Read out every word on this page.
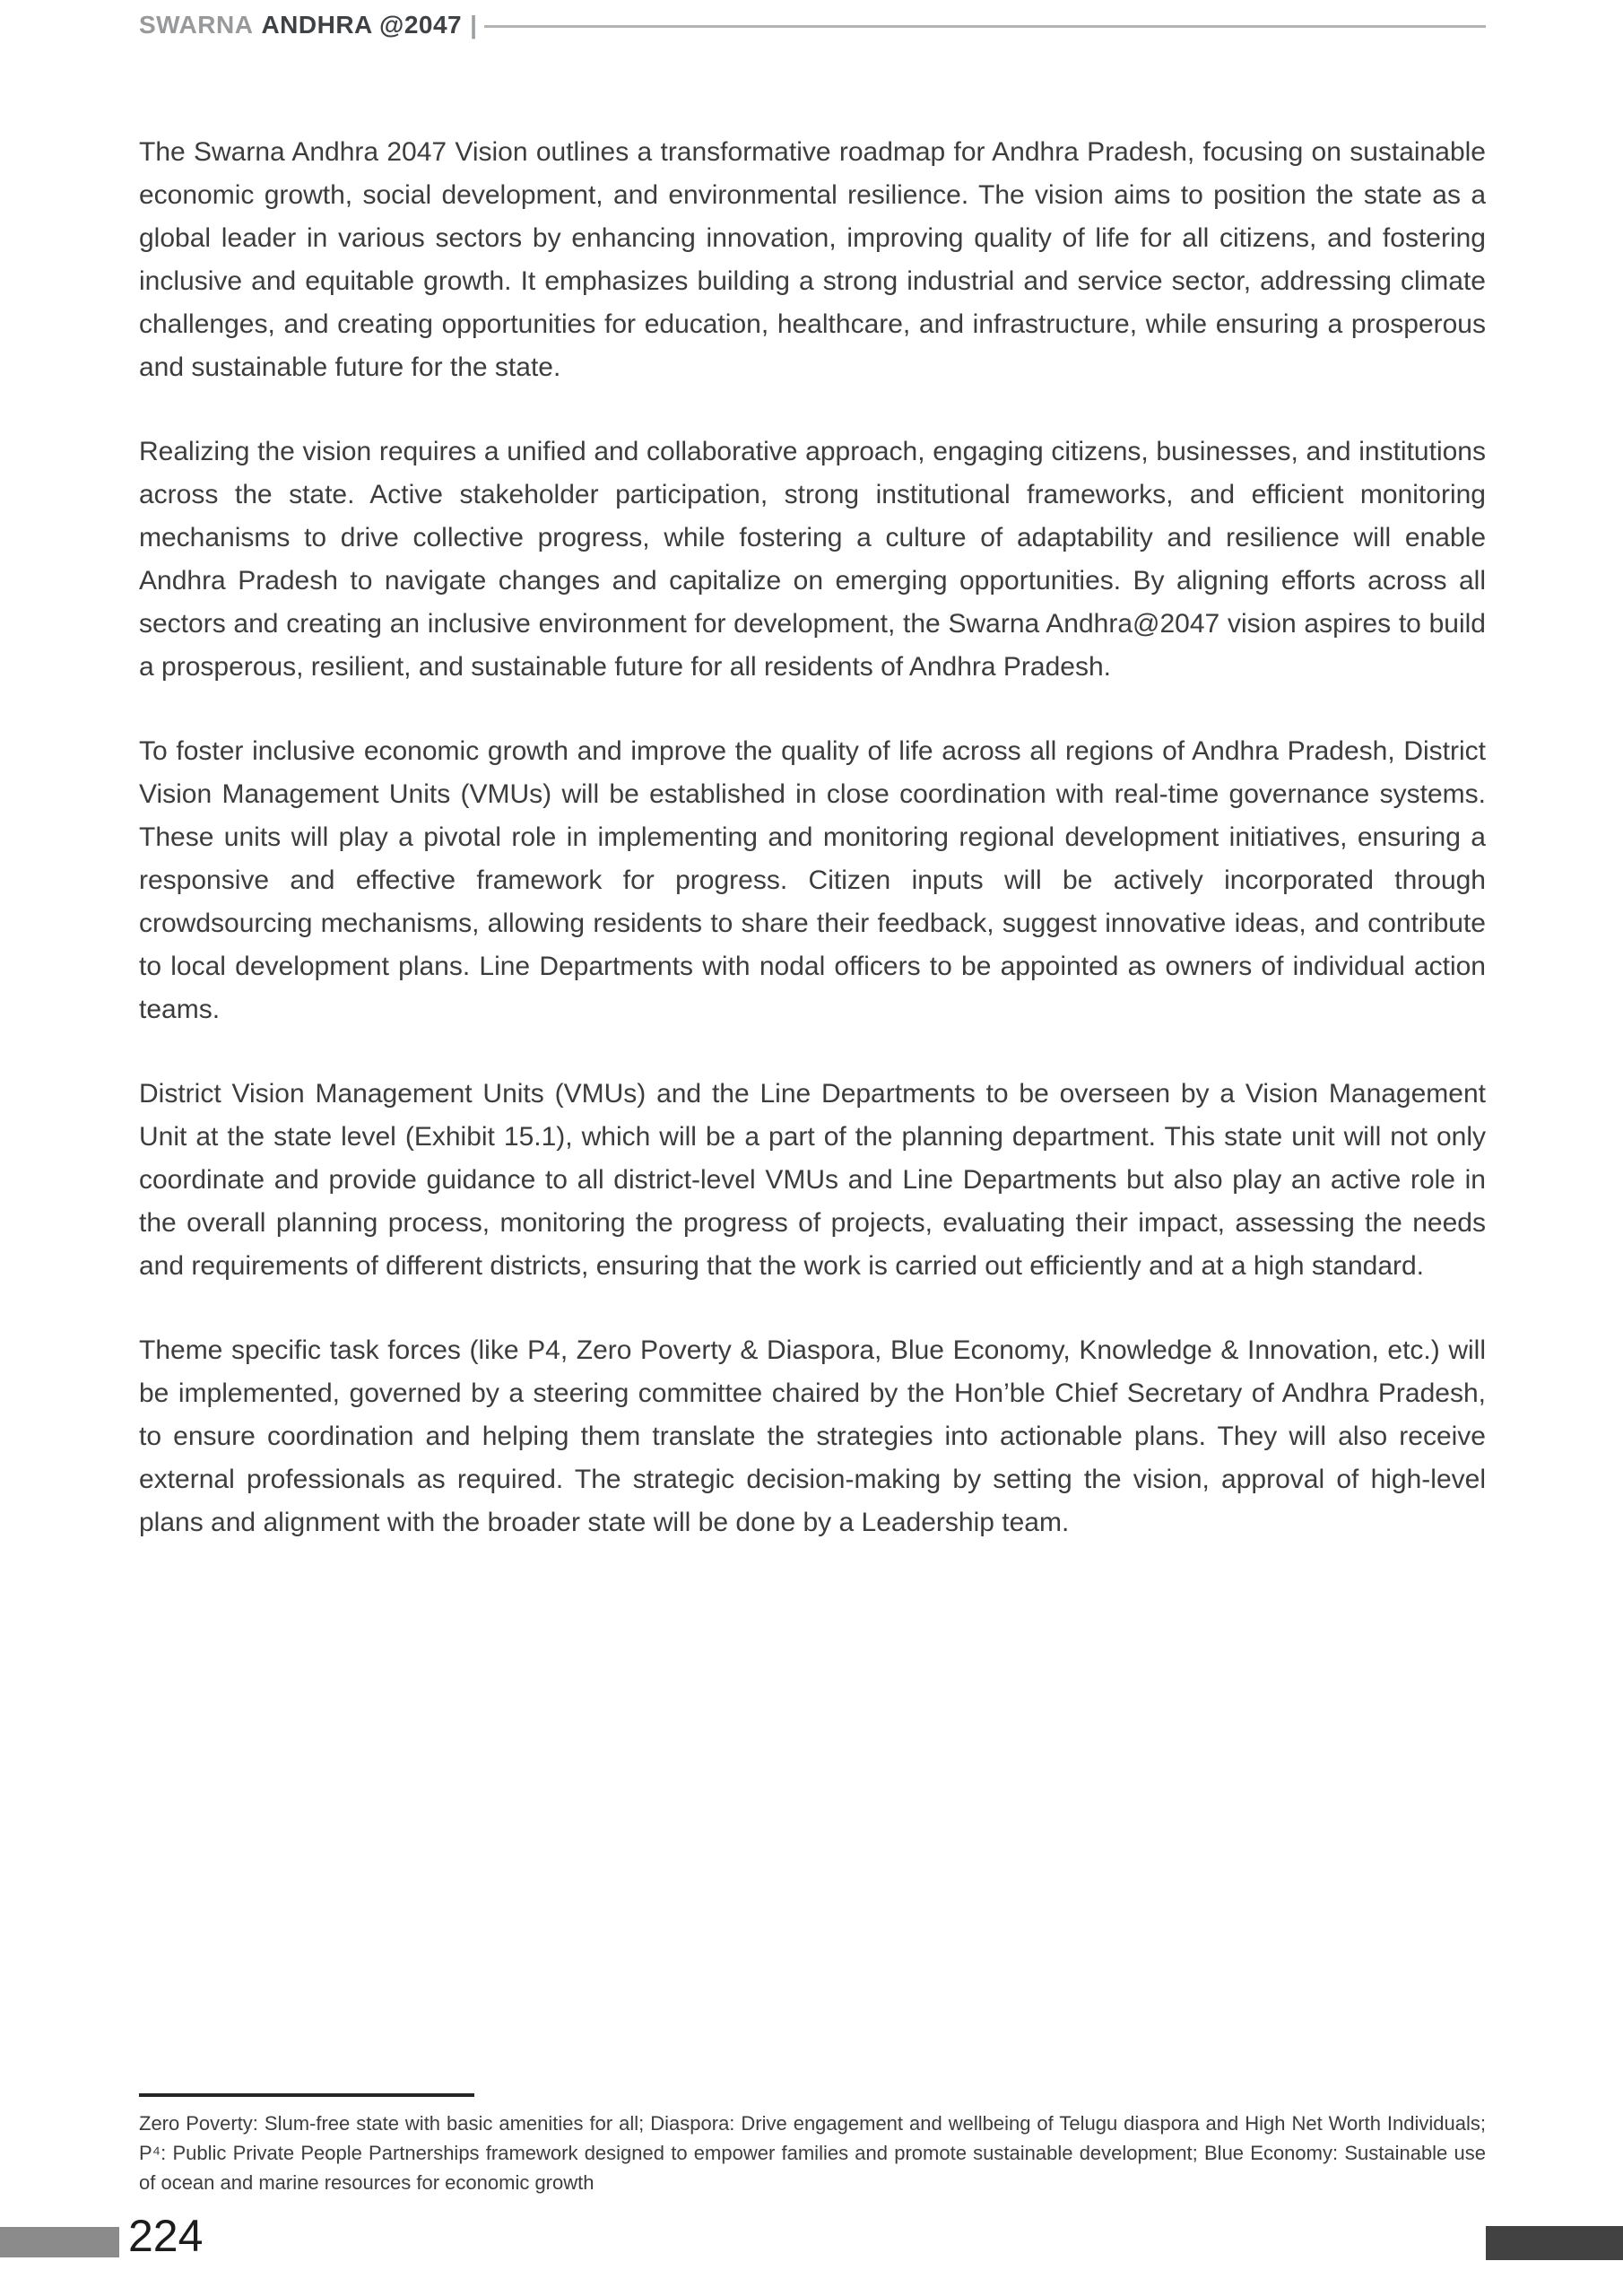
SWARNA ANDHRA @2047 |

The Swarna Andhra 2047 Vision outlines a transformative roadmap for Andhra Pradesh, focusing on sustainable economic growth, social development, and environmental resilience. The vision aims to position the state as a global leader in various sectors by enhancing innovation, improving quality of life for all citizens, and fostering inclusive and equitable growth. It emphasizes building a strong industrial and service sector, addressing climate challenges, and creating opportunities for education, healthcare, and infrastructure, while ensuring a prosperous and sustainable future for the state.

Realizing the vision requires a unified and collaborative approach, engaging citizens, businesses, and institutions across the state. Active stakeholder participation, strong institutional frameworks, and efficient monitoring mechanisms to drive collective progress, while fostering a culture of adaptability and resilience will enable Andhra Pradesh to navigate changes and capitalize on emerging opportunities. By aligning efforts across all sectors and creating an inclusive environment for development, the Swarna Andhra@2047 vision aspires to build a prosperous, resilient, and sustainable future for all residents of Andhra Pradesh.

To foster inclusive economic growth and improve the quality of life across all regions of Andhra Pradesh, District Vision Management Units (VMUs) will be established in close coordination with real-time governance systems. These units will play a pivotal role in implementing and monitoring regional development initiatives, ensuring a responsive and effective framework for progress. Citizen inputs will be actively incorporated through crowdsourcing mechanisms, allowing residents to share their feedback, suggest innovative ideas, and contribute to local development plans. Line Departments with nodal officers to be appointed as owners of individual action teams.

District Vision Management Units (VMUs) and the Line Departments to be overseen by a Vision Management Unit at the state level (Exhibit 15.1), which will be a part of the planning department. This state unit will not only coordinate and provide guidance to all district-level VMUs and Line Departments but also play an active role in the overall planning process, monitoring the progress of projects, evaluating their impact, assessing the needs and requirements of different districts, ensuring that the work is carried out efficiently and at a high standard.

Theme specific task forces (like P4, Zero Poverty & Diaspora, Blue Economy, Knowledge & Innovation, etc.) will be implemented, governed by a steering committee chaired by the Hon’ble Chief Secretary of Andhra Pradesh, to ensure coordination and helping them translate the strategies into actionable plans. They will also receive external professionals as required. The strategic decision-making by setting the vision, approval of high-level plans and alignment with the broader state will be done by a Leadership team.

Zero Poverty: Slum-free state with basic amenities for all; Diaspora: Drive engagement and wellbeing of Telugu diaspora and High Net Worth Individuals; P⁴: Public Private People Partnerships framework designed to empower families and promote sustainable development; Blue Economy: Sustainable use of ocean and marine resources for economic growth
224
